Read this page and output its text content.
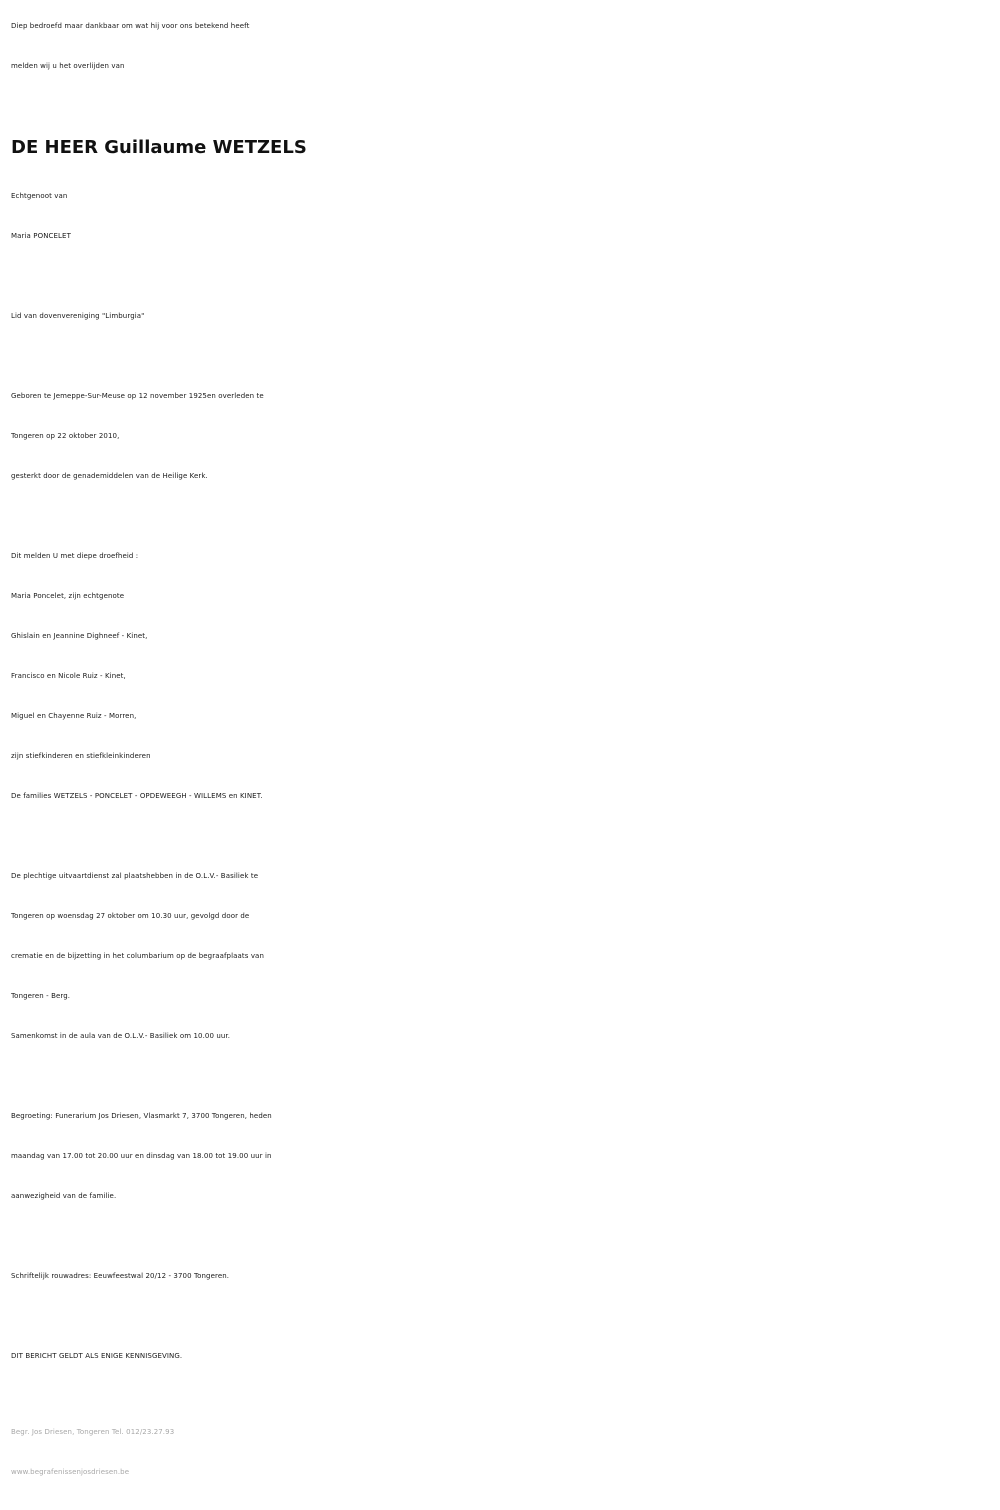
Diep bedroefd maar dankbaar om wat hij voor ons betekend heeft
melden wij u het overlijden van
DE HEER Guillaume WETZELS
Echtgenoot van
Maria PONCELET
Lid van dovenvereniging "Limburgia"
Geboren te Jemeppe-Sur-Meuse op 12 november 1925en overleden te
Tongeren op 22 oktober 2010,
gesterkt door de genademiddelen van de Heilige Kerk.
Dit melden U met diepe droefheid :
Maria Poncelet, zijn echtgenote
Ghislain en Jeannine Dighneef - Kinet,
Francisco en Nicole Ruiz - Kinet,
Miguel en Chayenne Ruiz - Morren,
zijn stiefkinderen en stiefkleinkinderen
De families WETZELS - PONCELET - OPDEWEEGH - WILLEMS en KINET.
De plechtige uitvaartdienst zal plaatshebben in de O.L.V.- Basiliek te
Tongeren op woensdag 27 oktober om 10.30 uur, gevolgd door de
crematie en de bijzetting in het columbarium op de begraafplaats van
Tongeren - Berg.
Samenkomst in de aula van de O.L.V.- Basiliek om 10.00 uur.
Begroeting: Funerarium Jos Driesen, Vlasmarkt 7, 3700 Tongeren, heden
maandag van 17.00 tot 20.00 uur en dinsdag van 18.00 tot 19.00 uur in
aanwezigheid van de familie.
Schriftelijk rouwadres: Eeuwfeestwal 20/12 - 3700 Tongeren.
DIT BERICHT GELDT ALS ENIGE KENNISGEVING.
Begr. Jos Driesen, Tongeren Tel. 012/23.27.93
www.begrafenissenjosdriesen.be
